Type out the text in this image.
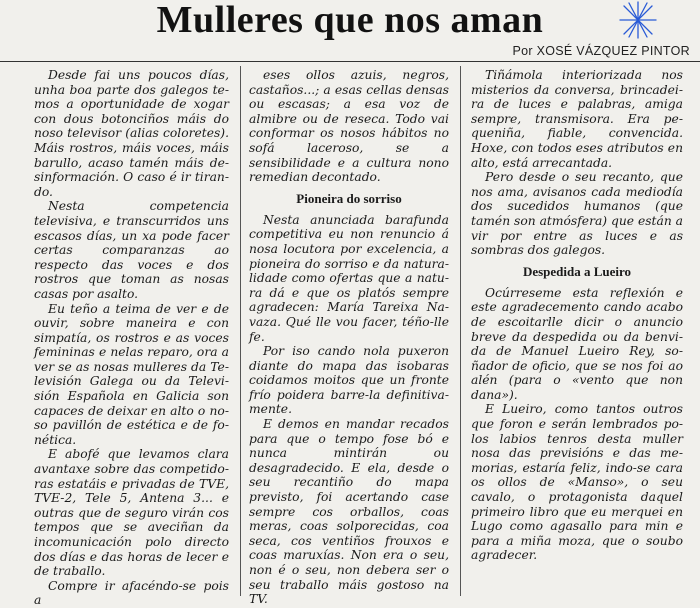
Mulleres que nos aman
Por XOSÉ VÁZQUEZ PINTOR

Desde fai uns poucos días, unha boa parte dos galegos temos a oportunidade de xogar con dous botonciños máis do noso televisor (alias coloretes). Máis rostros, máis voces, máis barullo, acaso tamén máis desinformación. O caso é ir tirando.

Nesta competencia televisiva, e transcurridos uns escasos días, un xa pode facer certas comparanzas ao respecto das voces e dos rostros que toman as nosas casas por asalto.

Eu teño a teima de ver e de ouvir, sobre maneira e con simpatía, os rostros e as voces femininas e nelas reparo, ora a ver se as nosas mulleres da Televisión Galega ou da Televisión Española en Galicia son capaces de deixar en alto o noso pavillón de estética e de fonética.

E abofé que levamos clara avantaxe sobre das competidoras estatáis e privadas de TVE, TVE-2, Tele 5, Antena 3... e outras que de seguro virán cos tempos que se aveciñan da incomunicación polo directo dos días e das horas de lecer e de traballo.

Compre ir afacéndo-se pois a

eses ollos azuis, negros, castaños...; a esas cellas densas ou escasas; a esa voz de almibre ou de reseca. Todo vai conformar os nosos hábitos no sofá laceroso, se a sensibilidade e a cultura nono remedian decontado.

Pioneira do sorriso

Nesta anunciada barafunda competitiva eu non renuncio á nosa locutora por excelencia, a pioneira do sorriso e da naturalidade como ofertas que a natura dá e que os platós sempre agradecen: María Tareixa Navaza. Qué lle vou facer, téño-lle fe.

Por iso cando nola puxeron diante do mapa das isobaras coidamos moitos que un fronte frío poidera barre-la definitivamente.

E demos en mandar recados para que o tempo fose bó e nunca mintirán ou desagradecido. E ela, desde o seu recantiño do mapa previsto, foi acertando case sempre cos orballos, coas meras, coas solporecidas, coa seca, cos ventiños frouxos e coas maruxías. Non era o seu, non é o seu, non debera ser o seu traballo máis gostoso na TV.

Tiñámola interiorizada nos misterios da conversa, brincadeira de luces e palabras, amiga sempre, transmisora. Era pequeniña, fiable, convencida. Hoxe, con todos eses atributos en alto, está arrecantada.

Pero desde o seu recanto, que nos ama, avisanos cada mediodía dos sucedidos humanos (que tamén son atmósfera) que están a vir por entre as luces e as sombras dos galegos.

Despedida a Lueiro

Ocúrreseme esta reflexión e este agradecemento cando acabo de escoitarlle dicir o anuncio breve da despedida ou da benvida de Manuel Lueiro Rey, soñador de oficio, que se nos foi ao alén (para o «vento que non dana»).

E Lueiro, como tantos outros que foron e serán lembrados polos labios tenros desta muller nosa das previsións e das memorias, estaría feliz, indo-se cara os ollos de «Manso», o seu cavalo, o protagonista daquel primeiro libro que eu merquei en Lugo como agasallo para min e para a miña moza, que o soubo agradecer.
